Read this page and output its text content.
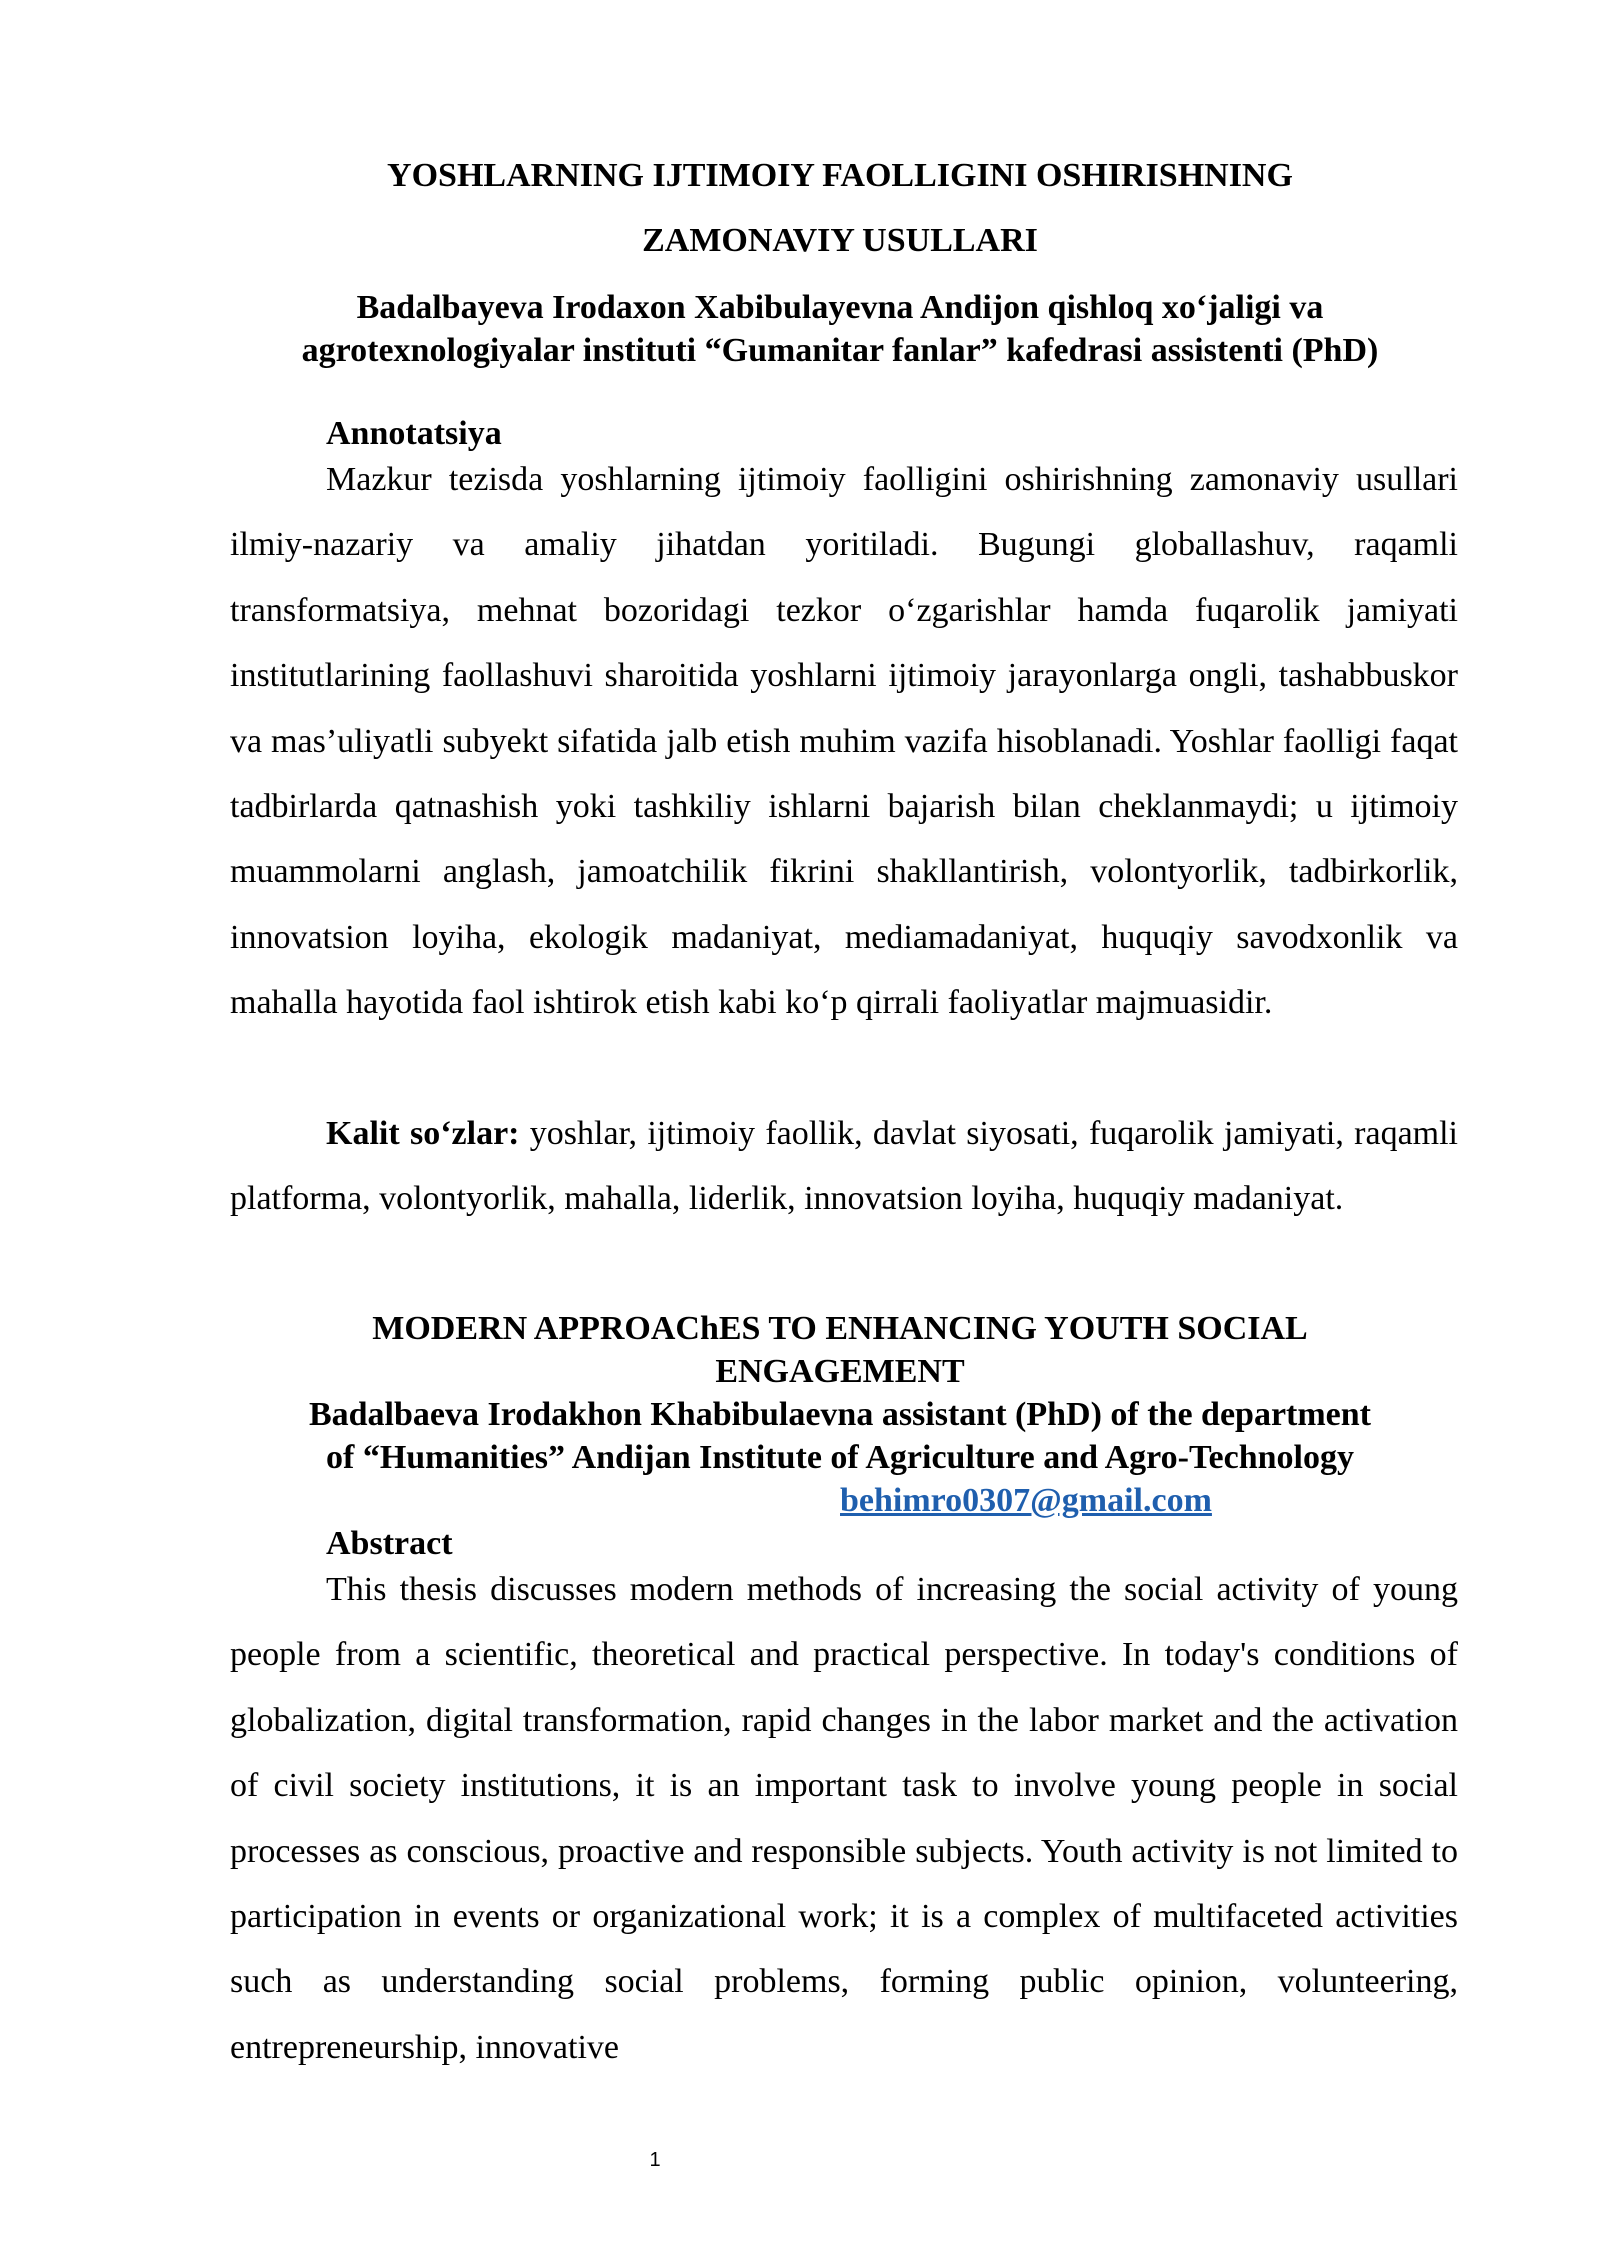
YOSHLARNING IJTIMOIY FAOLLIGINI OSHIRISHNING
ZAMONAVIY USULLARI
Badalbayeva Irodaxon Xabibulayevna Andijon qishloq xo‘jaligi va agrotexnologiyalar instituti “Gumanitar fanlar” kafedrasi assistenti (PhD)
Annotatsiya
Mazkur tezisda yoshlarning ijtimoiy faolligini oshirishning zamonaviy usullari ilmiy-nazariy va amaliy jihatdan yoritiladi. Bugungi globallashuv, raqamli transformatsiya, mehnat bozoridagi tezkor o‘zgarishlar hamda fuqarolik jamiyati institutlarining faollashuvi sharoitida yoshlarni ijtimoiy jarayonlarga ongli, tashabbuskor va mas’uliyatli subyekt sifatida jalb etish muhim vazifa hisoblanadi. Yoshlar faolligi faqat tadbirlarda qatnashish yoki tashkiliy ishlarni bajarish bilan cheklanmaydi; u ijtimoiy muammolarni anglash, jamoatchilik fikrini shakllantirish, volontyorlik, tadbirkorlik, innovatsion loyiha, ekologik madaniyat, mediamadaniyat, huquqiy savodxonlik va mahalla hayotida faol ishtirok etish kabi ko‘p qirrali faoliyatlar majmuasidir.
Kalit so‘zlar: yoshlar, ijtimoiy faollik, davlat siyosati, fuqarolik jamiyati, raqamli platforma, volontyorlik, mahalla, liderlik, innovatsion loyiha, huquqiy madaniyat.
MODERN APPROAChES TO ENHANCING YOUTH SOCIAL
ENGAGEMENT
Badalbaeva Irodakhon Khabibulaevna assistant (PhD) of the department
of “Humanities” Andijan Institute of Agriculture and Agro-Technology
behimro0307@gmail.com
Abstract
This thesis discusses modern methods of increasing the social activity of young people from a scientific, theoretical and practical perspective. In today's conditions of globalization, digital transformation, rapid changes in the labor market and the activation of civil society institutions, it is an important task to involve young people in social processes as conscious, proactive and responsible subjects. Youth activity is not limited to participation in events or organizational work; it is a complex of multifaceted activities such as understanding social problems, forming public opinion, volunteering, entrepreneurship, innovative
1
